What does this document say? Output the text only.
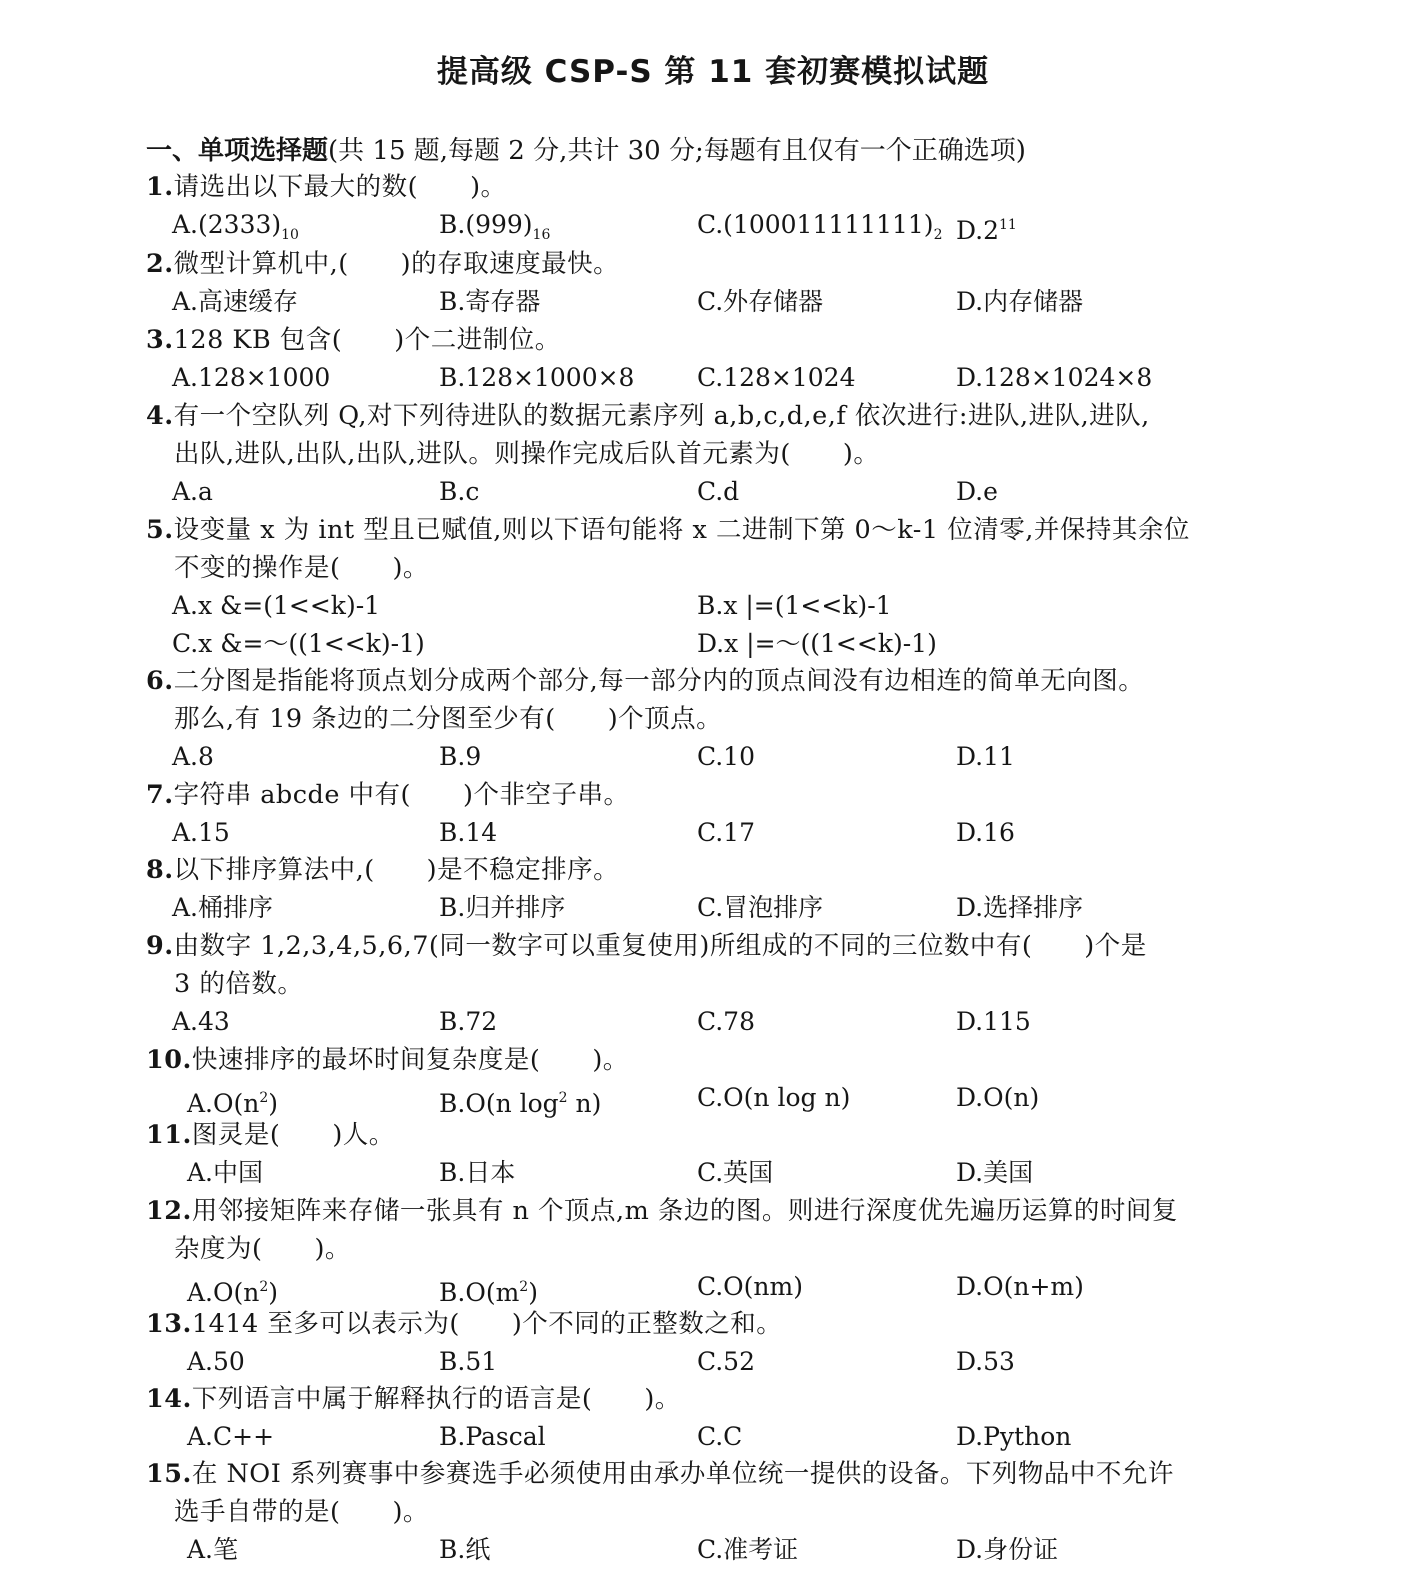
提高级 CSP-S 第 11 套初赛模拟试题
一、单项选择题(共 15 题,每题 2 分,共计 30 分;每题有且仅有一个正确选项)
1.请选出以下最大的数(　　)。
$A.(2333)_{10}$	$B.(999)_{16}$	$C.(100011111111)_2$ $D.2^{11}$
2.微型计算机中,(　　)的存取速度最快。
A.高速缓存	B.寄存器	C.外存储器	D.内存储器
3.128 KB 包含(　　)个二进制位。
A.128×1000	B.128×1000×8	C.128×1024	D.128×1024×8
4.有一个空队列 Q,对下列待进队的数据元素序列 a,b,c,d,e,f 依次进行:进队,进队,进队,
出队,进队,出队,出队,进队。则操作完成后队首元素为(　　)。
A.a	B.c	C.d	D.e
5.设变量 x 为 int 型且已赋值,则以下语句能将 x 二进制下第 0～k-1 位清零,并保持其余位
不变的操作是(　　)。
A.x &=(1<<k)-1	B.x |=(1<<k)-1
C.x &=～((1<<k)-1)	D.x |=～((1<<k)-1)
6.二分图是指能将顶点划分成两个部分,每一部分内的顶点间没有边相连的简单无向图。
那么,有 19 条边的二分图至少有(　　)个顶点。
A.8	B.9	C.10	D.11
7.字符串 abcde 中有(　　)个非空子串。
A.15	B.14	C.17	D.16
8.以下排序算法中,(　　)是不稳定排序。
A.桶排序	B.归并排序	C.冒泡排序	D.选择排序
9.由数字 1,2,3,4,5,6,7(同一数字可以重复使用)所组成的不同的三位数中有(　　)个是
3 的倍数。
A.43	B.72	C.78	D.115
10.快速排序的最坏时间复杂度是(　　)。
$A.O(n^2)$	B.O(n $\log^2 n$)	C.O(n log n)	D.O(n)
11.图灵是(　　)人。
A.中国	B.日本	C.英国	D.美国
12.用邻接矩阵来存储一张具有 n 个顶点,m 条边的图。则进行深度优先遍历运算的时间复
杂度为(　　)。
$A.O(n^2)$	$B.O(m^2)$	C.O(nm)	D.O(n+m)
13.1414 至多可以表示为(　　)个不同的正整数之和。
A.50	B.51	C.52	D.53
14.下列语言中属于解释执行的语言是(　　)。
A.C++	B.Pascal	C.C	D.Python
15.在 NOI 系列赛事中参赛选手必须使用由承办单位统一提供的设备。下列物品中不允许
选手自带的是(　　)。
A.笔	B.纸	C.准考证	D.身份证
